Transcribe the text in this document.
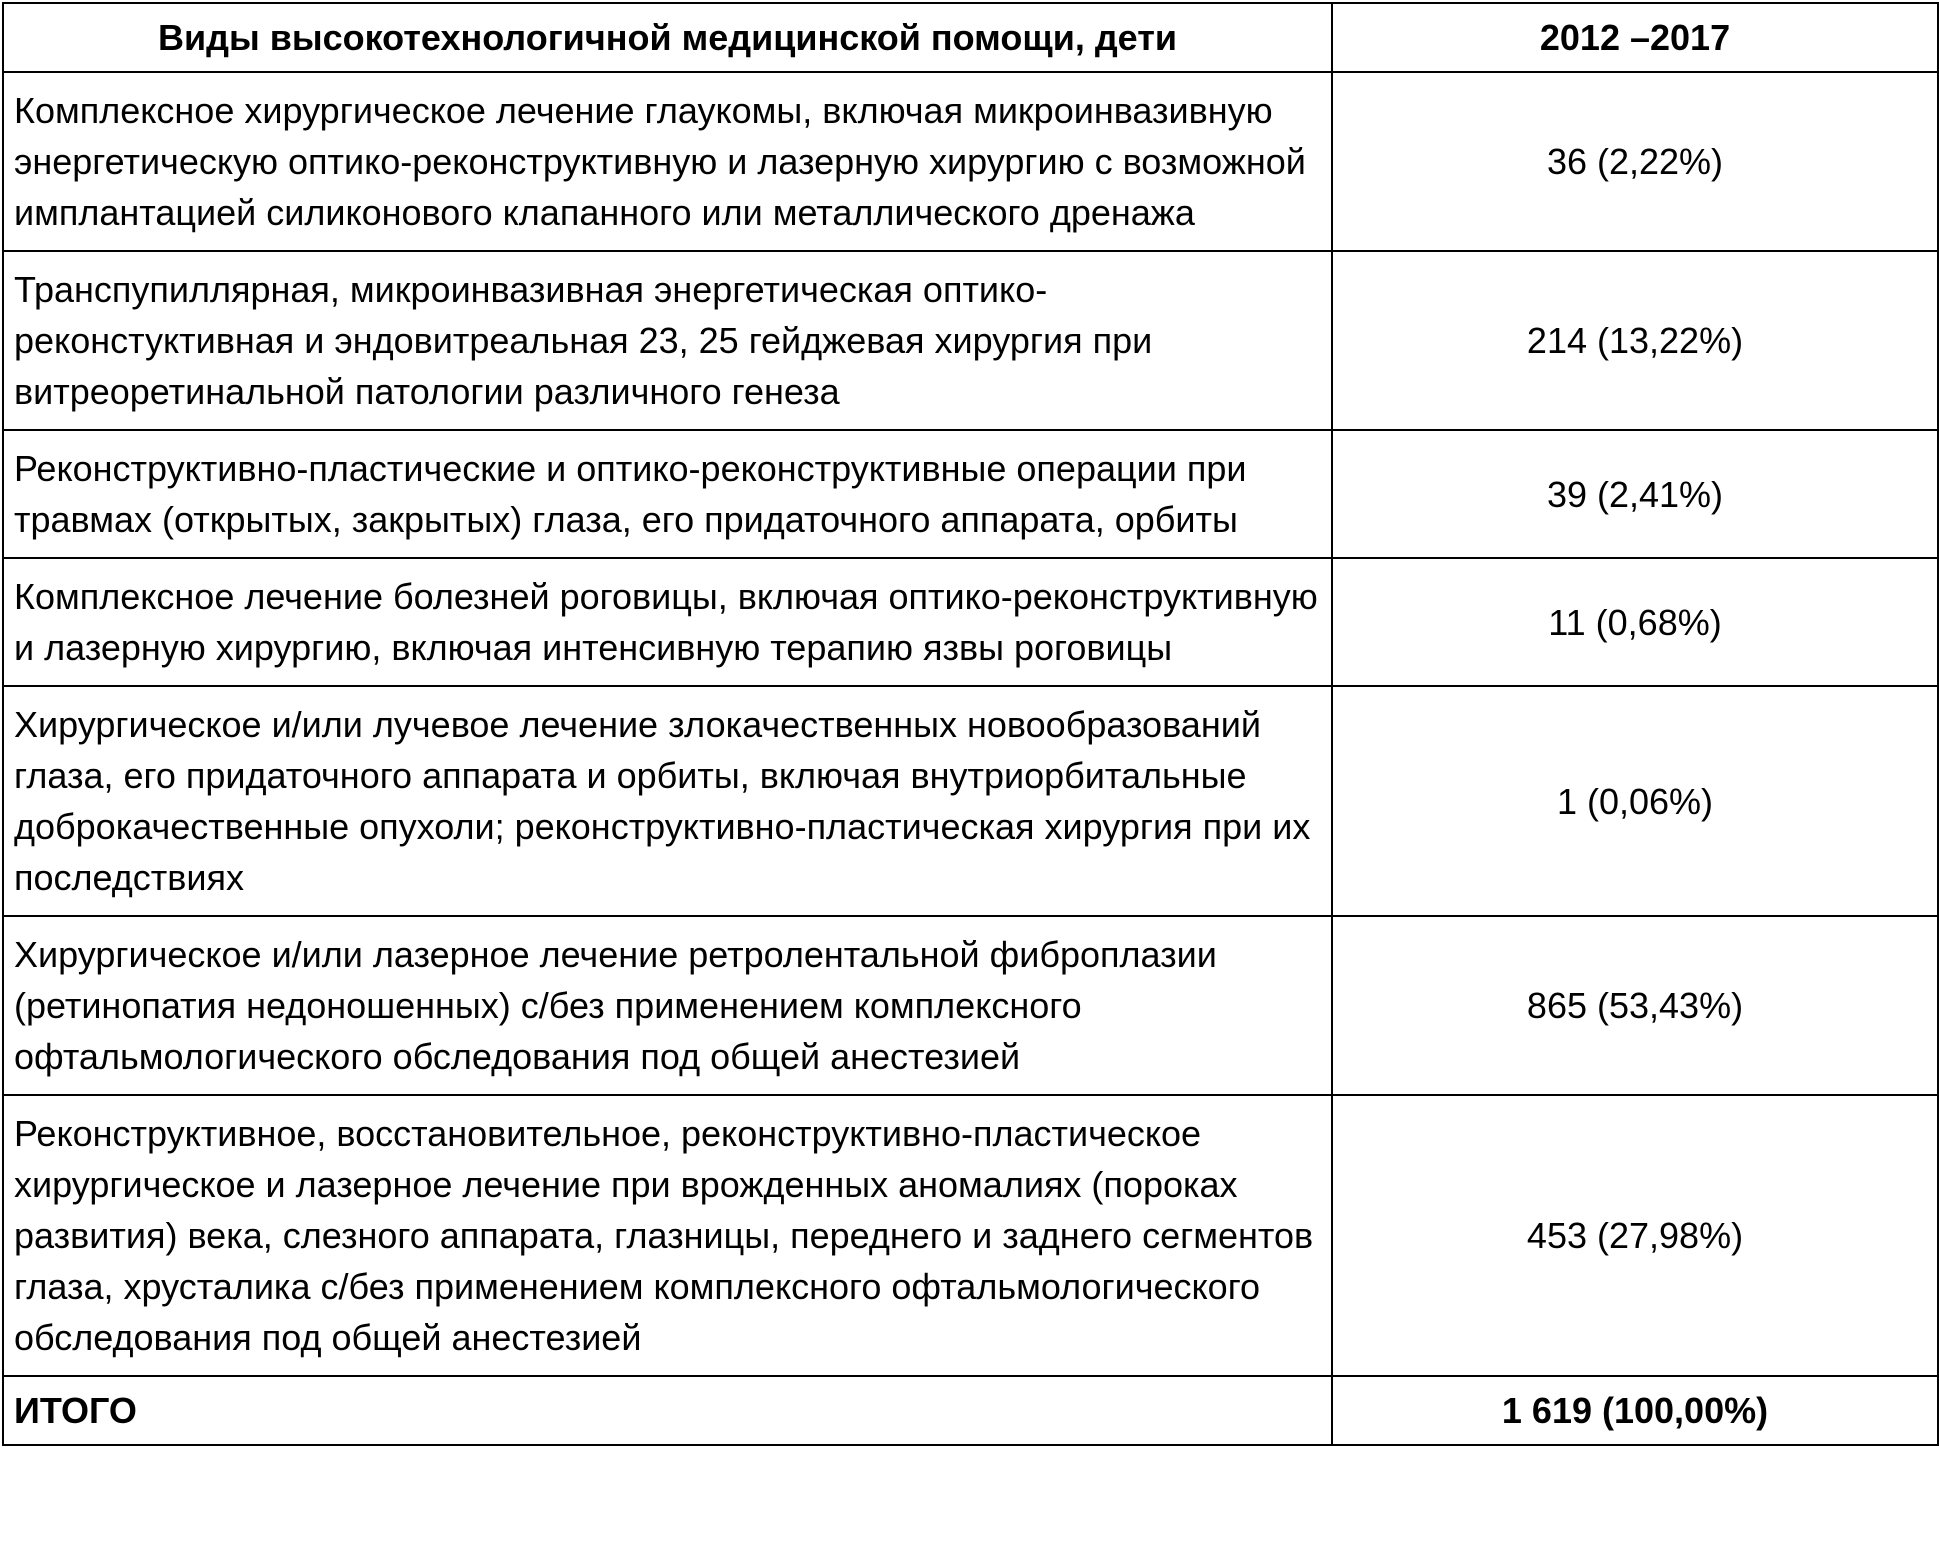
Виды высокотехнологичной медицинской помощи, дети	2012 –2017
Комплексное хирургическое лечение глаукомы, включая микроинвазивную энергетическую оптико-реконструктивную и лазерную хирургию с возможной имплантацией силиконового клапанного или металлического дренажа	36 (2,22%)
Транспупиллярная, микроинвазивная энергетическая оптико-реконстуктивная и эндовитреальная 23, 25 гейджевая хирургия при витреоретинальной патологии различного генеза	214 (13,22%)
Реконструктивно-пластические и оптико-реконструктивные операции при травмах (открытых, закрытых) глаза, его придаточного аппарата, орбиты	39 (2,41%)
Комплексное лечение болезней роговицы, включая оптико-реконструктивную и лазерную хирургию, включая интенсивную терапию язвы роговицы	11 (0,68%)
Хирургическое и/или лучевое лечение злокачественных новообразований глаза, его придаточного аппарата и орбиты, включая внутриорбитальные доброкачественные опухоли; реконструктивно-пластическая хирургия при их последствиях	1 (0,06%)
Хирургическое и/или лазерное лечение ретролентальной фиброплазии (ретинопатия недоношенных) с/без применением комплексного офтальмологического обследования под общей анестезией	865 (53,43%)
Реконструктивное, восстановительное, реконструктивно-пластическое хирургическое и лазерное лечение при врожденных аномалиях (пороках развития) века, слезного аппарата, глазницы, переднего и заднего сегментов глаза, хрусталика с/без применением комплексного офтальмологического обследования под общей анестезией	453 (27,98%)
ИТОГО	1 619 (100,00%)
